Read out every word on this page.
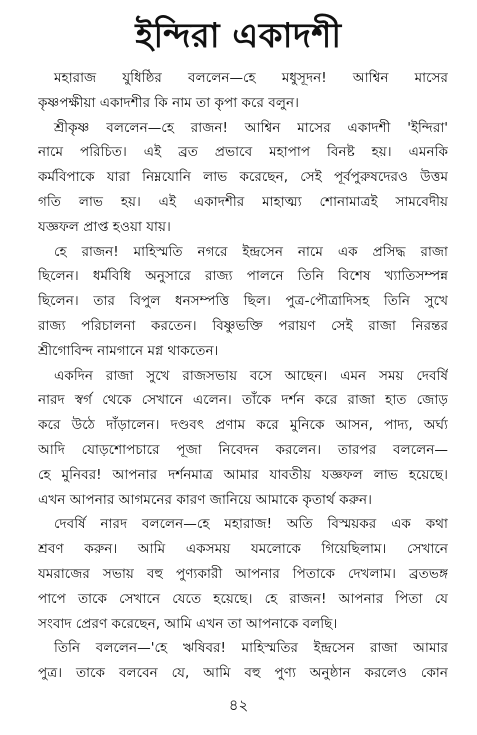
ইন্দিরা একাদশী
মহারাজ যুধিষ্ঠির বললেন—হে মধুসূদন! আশ্বিন মাসের
কৃষ্ণপক্ষীয়া একাদশীর কি নাম তা কৃপা করে বলুন।
শ্রীকৃষ্ণ বললেন—হে রাজন! আশ্বিন মাসের একাদশী 'ইন্দিরা'
নামে পরিচিত। এই ব্রত প্রভাবে মহাপাপ বিনষ্ট হয়। এমনকি
কর্মবিপাকে যারা নিম্নযোনি লাভ করেছেন, সেই পূর্বপুরুষদেরও উত্তম
গতি লাভ হয়। এই একাদশীর মাহাত্ম্য শোনামাত্রই সামবেদীয়
যজ্ঞফল প্রাপ্ত হওয়া যায়।
হে রাজন! মাহিস্মতি নগরে ইন্দ্রসেন নামে এক প্রসিদ্ধ রাজা
ছিলেন। ধর্মবিধি অনুসারে রাজ্য পালনে তিনি বিশেষ খ্যাতিসম্পন্ন
ছিলেন। তার বিপুল ধনসম্পত্তি ছিল। পুত্র-পৌত্রাদিসহ তিনি সুখে
রাজ্য পরিচালনা করতেন। বিষ্ণুভক্তি পরায়ণ সেই রাজা নিরন্তর
শ্রীগোবিন্দ নামগানে মগ্ন থাকতেন।
একদিন রাজা সুখে রাজসভায় বসে আছেন। এমন সময় দেবর্ষি
নারদ স্বর্গ থেকে সেখানে এলেন। তাঁকে দর্শন করে রাজা হাত জোড়
করে উঠে দাঁড়ালেন। দণ্ডবৎ প্রণাম করে মুনিকে আসন, পাদ্য, অর্ঘ্য
আদি যোড়শোপচারে পূজা নিবেদন করলেন। তারপর বললেন—
হে মুনিবর! আপনার দর্শনমাত্র আমার যাবতীয় যজ্ঞফল লাভ হয়েছে।
এখন আপনার আগমনের কারণ জানিয়ে আমাকে কৃতার্থ করুন।
দেবর্ষি নারদ বললেন—হে মহারাজ! অতি বিস্ময়কর এক কথা
শ্রবণ করুন। আমি একসময় যমলোকে গিয়েছিলাম। সেখানে
যমরাজের সভায় বহু পুণ্যকারী আপনার পিতাকে দেখলাম। ব্রতভঙ্গ
পাপে তাকে সেখানে যেতে হয়েছে। হে রাজন! আপনার পিতা যে
সংবাদ প্রেরণ করেছেন, আমি এখন তা আপনাকে বলছি।
তিনি বললেন—'হে ঋষিবর! মাহিস্মতির ইন্দ্রসেন রাজা আমার
পুত্র। তাকে বলবেন যে, আমি বহু পুণ্য অনুষ্ঠান করলেও কোন
৪২
